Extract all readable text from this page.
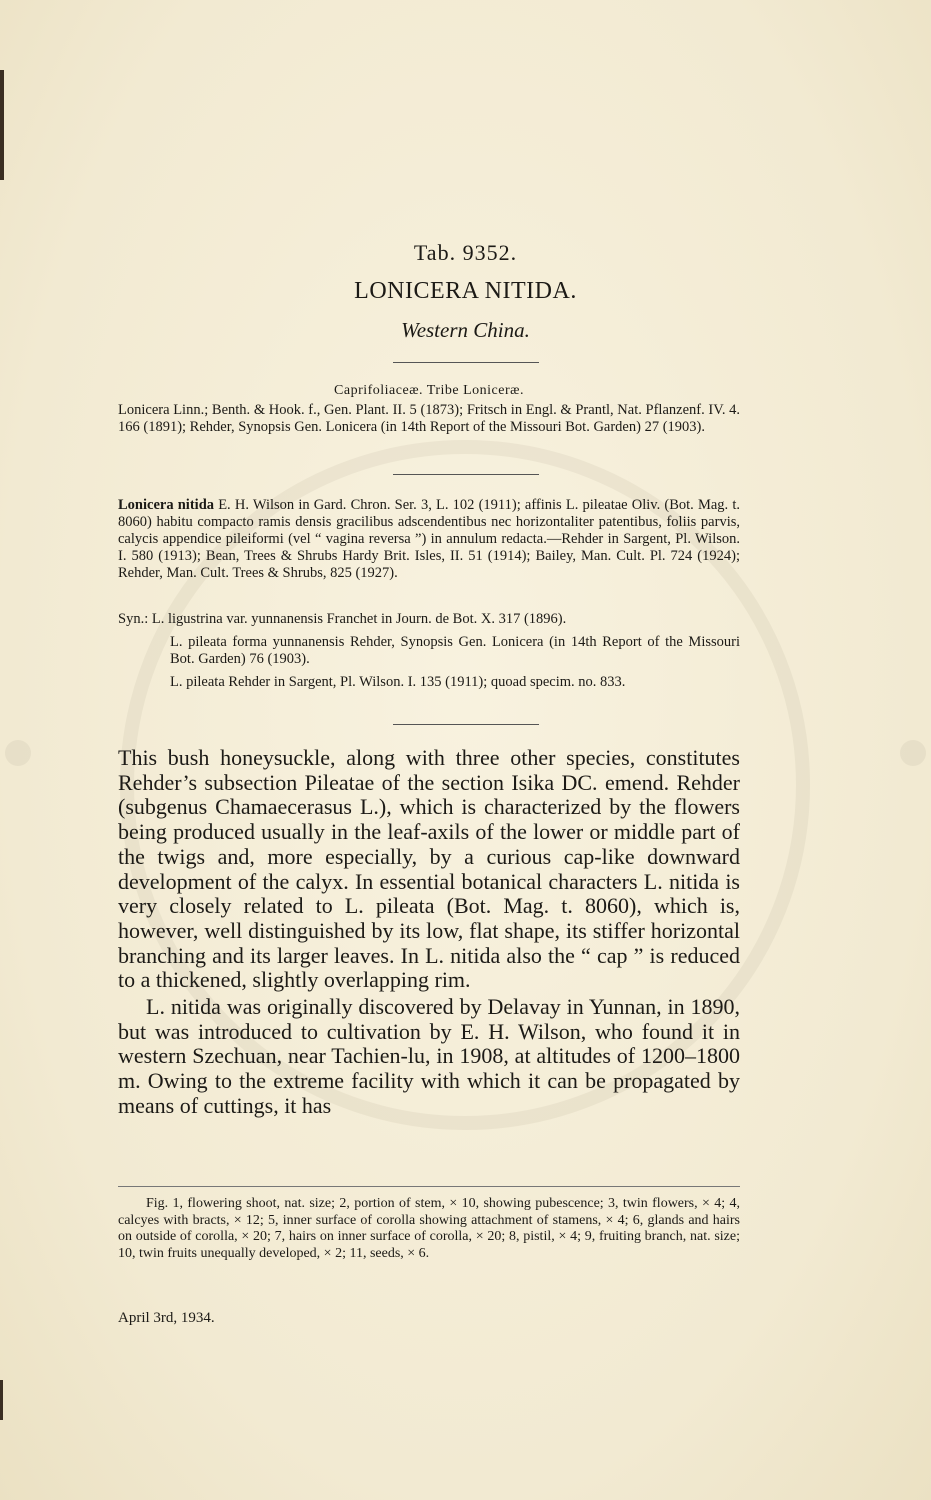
Tab. 9352.
LONICERA NITIDA.
Western China.
Caprifoliaceæ. Tribe Loniceræ.
Lonicera Linn.; Benth. & Hook. f., Gen. Plant. II. 5 (1873); Fritsch in Engl. & Prantl, Nat. Pflanzenf. IV. 4. 166 (1891); Rehder, Synopsis Gen. Lonicera (in 14th Report of the Missouri Bot. Garden) 27 (1903).
Lonicera nitida E. H. Wilson in Gard. Chron. Ser. 3, L. 102 (1911); affinis L. pileatae Oliv. (Bot. Mag. t. 8060) habitu compacto ramis densis gracilibus adscendentibus nec horizontaliter patentibus, foliis parvis, calycis appendice pileiformi (vel “ vagina reversa ”) in annulum redacta.—Rehder in Sargent, Pl. Wilson. I. 580 (1913); Bean, Trees & Shrubs Hardy Brit. Isles, II. 51 (1914); Bailey, Man. Cult. Pl. 724 (1924); Rehder, Man. Cult. Trees & Shrubs, 825 (1927).
Syn.: L. ligustrina var. yunnanensis Franchet in Journ. de Bot. X. 317 (1896).
L. pileata forma yunnanensis Rehder, Synopsis Gen. Lonicera (in 14th Report of the Missouri Bot. Garden) 76 (1903).
L. pileata Rehder in Sargent, Pl. Wilson. I. 135 (1911); quoad specim. no. 833.

This bush honeysuckle, along with three other species, constitutes Rehder’s subsection Pileatae of the section Isika DC. emend. Rehder (subgenus Chamaecerasus L.), which is characterized by the flowers being produced usually in the leaf-axils of the lower or middle part of the twigs and, more especially, by a curious cap-like downward development of the calyx. In essential botanical characters L. nitida is very closely related to L. pileata (Bot. Mag. t. 8060), which is, however, well distinguished by its low, flat shape, its stiffer horizontal branching and its larger leaves. In L. nitida also the “ cap ” is reduced to a thickened, slightly overlapping rim.

L. nitida was originally discovered by Delavay in Yunnan, in 1890, but was introduced to cultivation by E. H. Wilson, who found it in western Szechuan, near Tachien-lu, in 1908, at altitudes of 1200–1800 m. Owing to the extreme facility with which it can be propagated by means of cuttings, it has

Fig. 1, flowering shoot, nat. size; 2, portion of stem, × 10, showing pubescence; 3, twin flowers, × 4; 4, calcyes with bracts, × 12; 5, inner surface of corolla showing attachment of stamens, × 4; 6, glands and hairs on outside of corolla, × 20; 7, hairs on inner surface of corolla, × 20; 8, pistil, × 4; 9, fruiting branch, nat. size; 10, twin fruits unequally developed, × 2; 11, seeds, × 6.
April 3rd, 1934.
